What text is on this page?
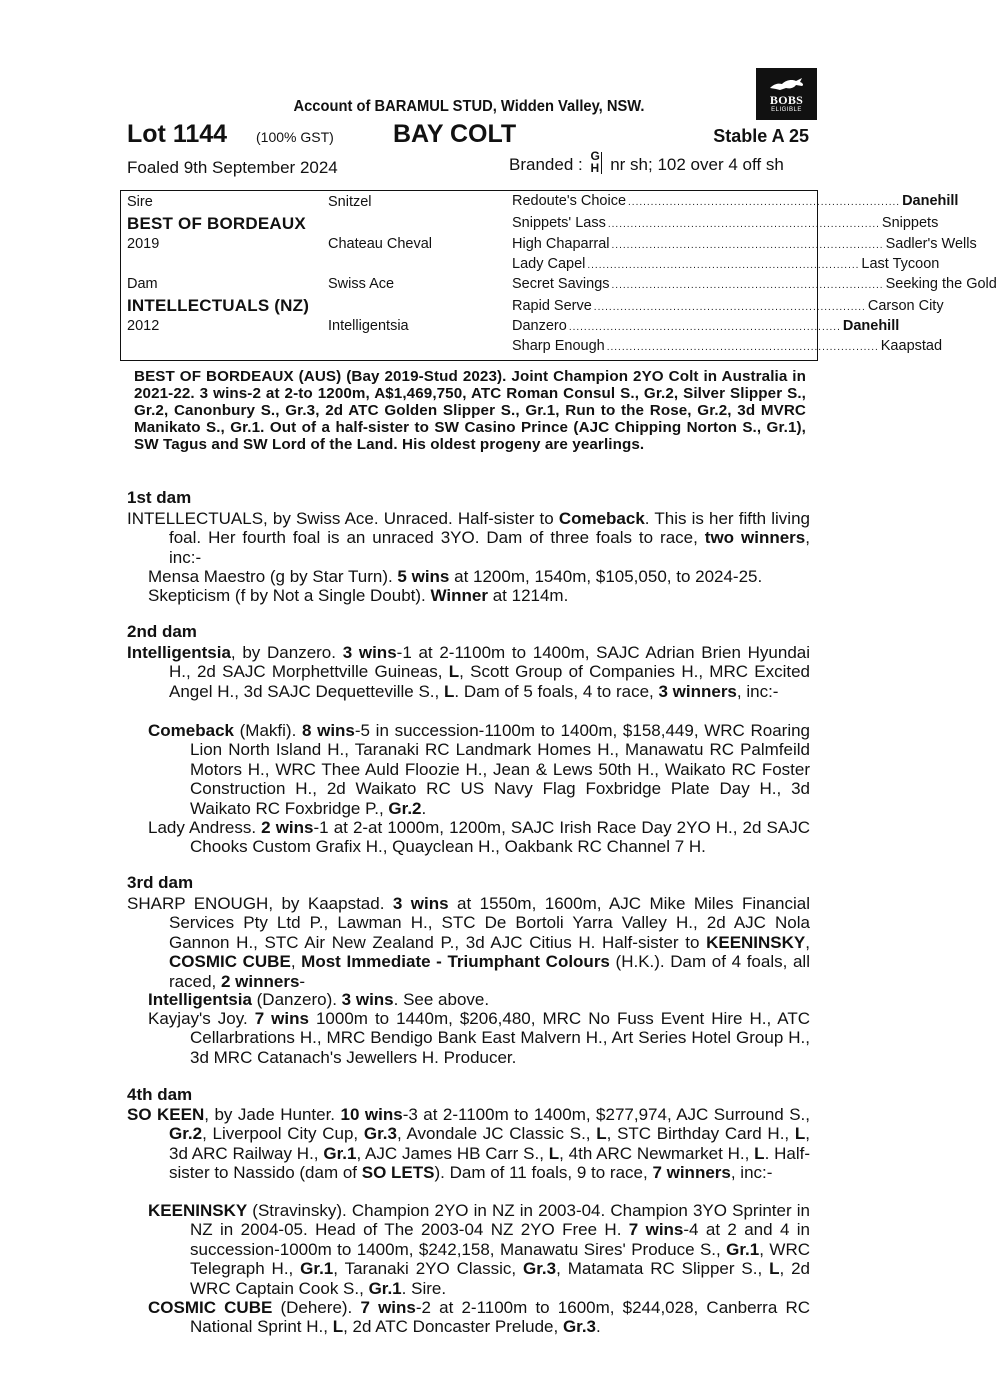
BOBS
ELIGIBLE
Account of BARAMUL STUD, Widden Valley, NSW.
Lot 1144 (100% GST) BAY COLT	Stable A 25
Foaled 9th September 2024	Branded : G
H nr sh; 102 over 4 off sh
Sire
BEST OF BORDEAUX
2019
Snitzel
Chateau Cheval
Dam
INTELLECTUALS (NZ)
2012
Swiss Ace
Intelligentsia
Redoute's Choice ........................................................................ Danehill
Snippets' Lass ........................................................................ Snippets
High Chaparral ........................................................................ Sadler's Wells
Lady Capel ........................................................................ Last Tycoon
Secret Savings ........................................................................ Seeking the Gold
Rapid Serve ........................................................................ Carson City
Danzero ........................................................................ Danehill
Sharp Enough ........................................................................ Kaapstad
BEST OF BORDEAUX (AUS) (Bay 2019-Stud 2023). Joint Champion 2YO Colt in Australia in 2021-22. 3 wins-2 at 2-to 1200m, A$1,469,750, ATC Roman Consul S., Gr.2, Silver Slipper S., Gr.2, Canonbury S., Gr.3, 2d ATC Golden Slipper S., Gr.1, Run to the Rose, Gr.2, 3d MVRC Manikato S., Gr.1. Out of a half-sister to SW Casino Prince (AJC Chipping Norton S., Gr.1), SW Tagus and SW Lord of the Land. His oldest progeny are yearlings.
1st dam
INTELLECTUALS, by Swiss Ace. Unraced. Half-sister to Comeback. This is her fifth living foal. Her fourth foal is an unraced 3YO. Dam of three foals to race, two winners, inc:-
Mensa Maestro (g by Star Turn). 5 wins at 1200m, 1540m, $105,050, to 2024-25.
Skepticism (f by Not a Single Doubt). Winner at 1214m.
2nd dam
Intelligentsia, by Danzero. 3 wins-1 at 2-1100m to 1400m, SAJC Adrian Brien Hyundai H., 2d SAJC Morphettville Guineas, L, Scott Group of Companies H., MRC Excited Angel H., 3d SAJC Dequetteville S., L. Dam of 5 foals, 4 to race, 3 winners, inc:-
Comeback (Makfi). 8 wins-5 in succession-1100m to 1400m, $158,449, WRC Roaring Lion North Island H., Taranaki RC Landmark Homes H., Manawatu RC Palmfeild Motors H., WRC Thee Auld Floozie H., Jean & Lews 50th H., Waikato RC Foster Construction H., 2d Waikato RC US Navy Flag Foxbridge Plate Day H., 3d Waikato RC Foxbridge P., Gr.2.
Lady Andress. 2 wins-1 at 2-at 1000m, 1200m, SAJC Irish Race Day 2YO H., 2d SAJC Chooks Custom Grafix H., Quayclean H., Oakbank RC Channel 7 H.
3rd dam
SHARP ENOUGH, by Kaapstad. 3 wins at 1550m, 1600m, AJC Mike Miles Financial Services Pty Ltd P., Lawman H., STC De Bortoli Yarra Valley H., 2d AJC Nola Gannon H., STC Air New Zealand P., 3d AJC Citius H. Half-sister to KEENINSKY, COSMIC CUBE, Most Immediate - Triumphant Colours (H.K.). Dam of 4 foals, all raced, 2 winners-
Intelligentsia (Danzero). 3 wins. See above.
Kayjay's Joy. 7 wins 1000m to 1440m, $206,480, MRC No Fuss Event Hire H., ATC Cellarbrations H., MRC Bendigo Bank East Malvern H., Art Series Hotel Group H., 3d MRC Catanach's Jewellers H. Producer.
4th dam
SO KEEN, by Jade Hunter. 10 wins-3 at 2-1100m to 1400m, $277,974, AJC Surround S., Gr.2, Liverpool City Cup, Gr.3, Avondale JC Classic S., L, STC Birthday Card H., L, 3d ARC Railway H., Gr.1, AJC James HB Carr S., L, 4th ARC Newmarket H., L. Half-sister to Nassido (dam of SO LETS). Dam of 11 foals, 9 to race, 7 winners, inc:-
KEENINSKY (Stravinsky). Champion 2YO in NZ in 2003-04. Champion 3YO Sprinter in NZ in 2004-05. Head of The 2003-04 NZ 2YO Free H. 7 wins-4 at 2 and 4 in succession-1000m to 1400m, $242,158, Manawatu Sires' Produce S., Gr.1, WRC Telegraph H., Gr.1, Taranaki 2YO Classic, Gr.3, Matamata RC Slipper S., L, 2d WRC Captain Cook S., Gr.1. Sire.
COSMIC CUBE (Dehere). 7 wins-2 at 2-1100m to 1600m, $244,028, Canberra RC National Sprint H., L, 2d ATC Doncaster Prelude, Gr.3.
